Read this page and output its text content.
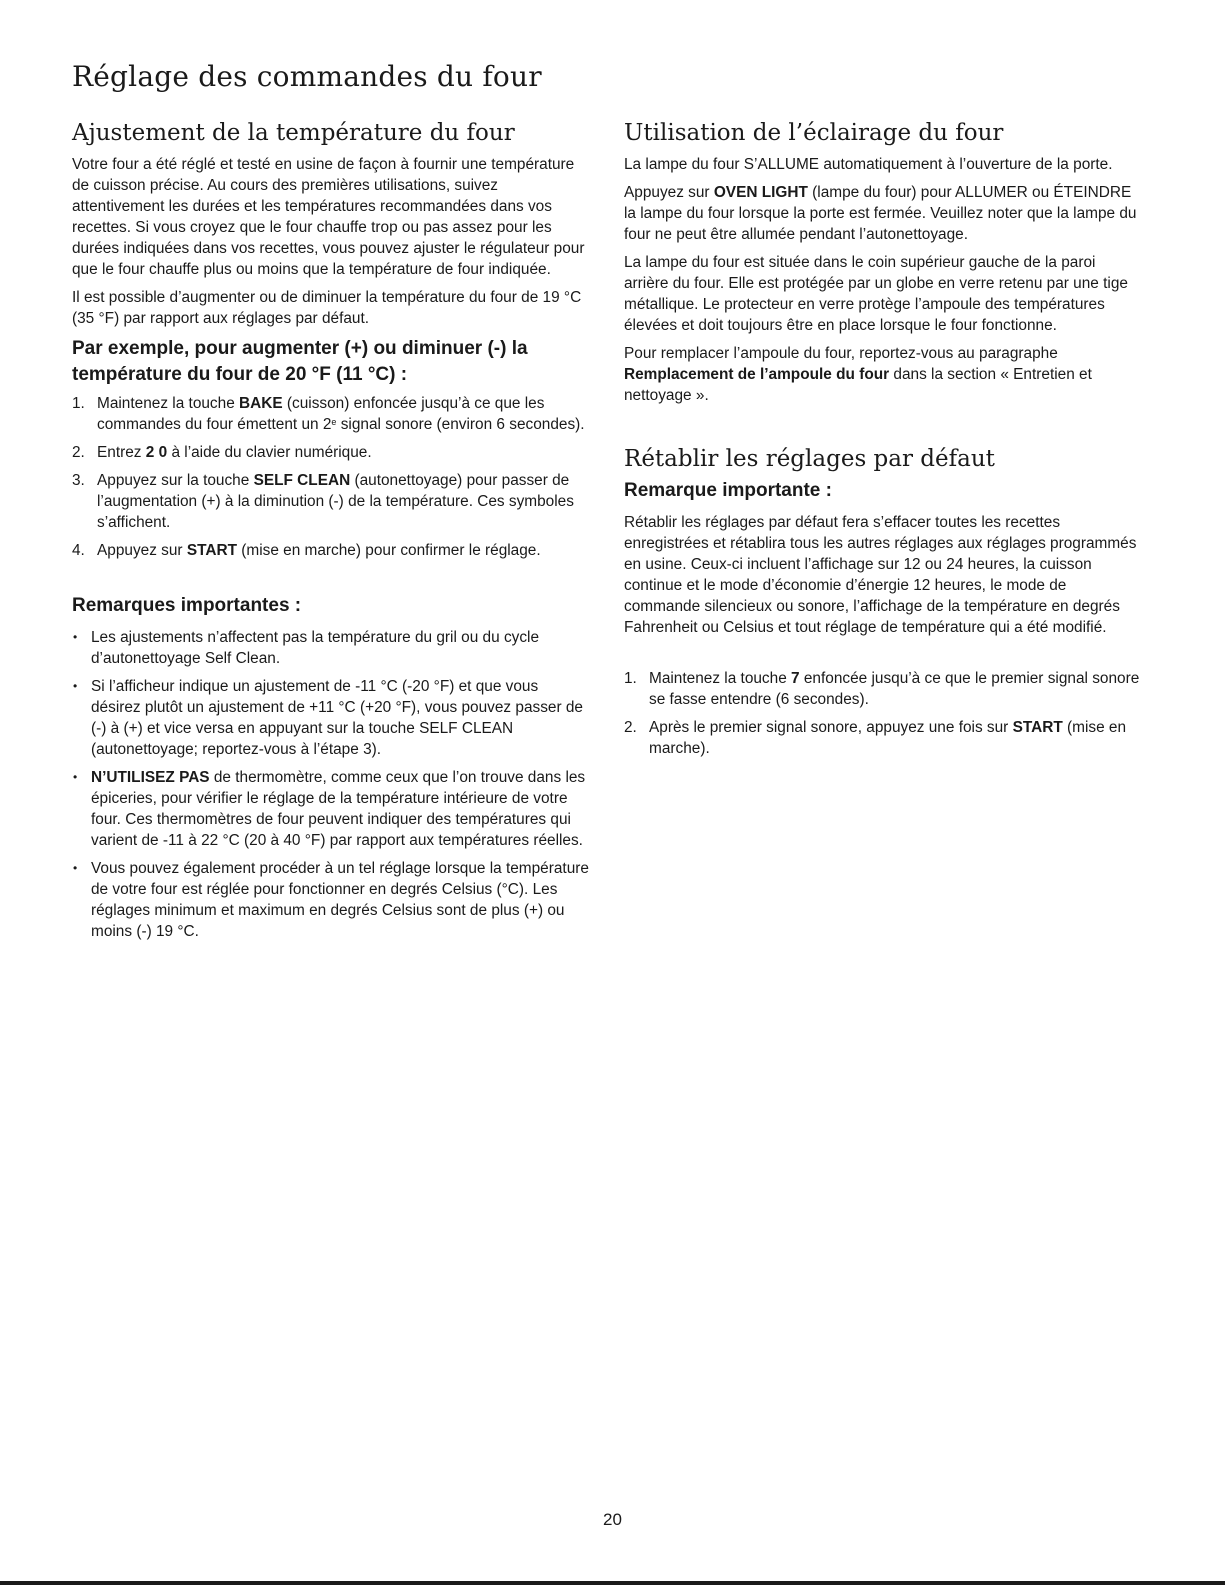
Réglage des commandes du four
Ajustement de la température du four

Votre four a été réglé et testé en usine de façon à fournir une température de cuisson précise. Au cours des premières utilisations, suivez attentivement les durées et les températures recommandées dans vos recettes. Si vous croyez que le four chauffe trop ou pas assez pour les durées indiquées dans vos recettes, vous pouvez ajuster le régulateur pour que le four chauffe plus ou moins que la température de four indiquée.

Il est possible d’augmenter ou de diminuer la température du four de 19 °C (35 °F) par rapport aux réglages par défaut.

Par exemple, pour augmenter (+) ou diminuer (-) la température du four de 20 °F (11 °C) :
1. Maintenez la touche BAKE (cuisson) enfoncée jusqu’à ce que les commandes du four émettent un 2e signal sonore (environ 6 secondes).
2. Entrez 2 0 à l’aide du clavier numérique.
3. Appuyez sur la touche SELF CLEAN (autonettoyage) pour passer de l’augmentation (+) à la diminution (-) de la température. Ces symboles s’affichent.
4. Appuyez sur START (mise en marche) pour confirmer le réglage.
Remarques importantes :
• Les ajustements n’affectent pas la température du gril ou du cycle d’autonettoyage Self Clean.
• Si l’afficheur indique un ajustement de -11 °C (-20 °F) et que vous désirez plutôt un ajustement de +11 °C (+20 °F), vous pouvez passer de (-) à (+) et vice versa en appuyant sur la touche SELF CLEAN (autonettoyage; reportez-vous à l’étape 3).
• N’UTILISEZ PAS de thermomètre, comme ceux que l’on trouve dans les épiceries, pour vérifier le réglage de la température intérieure de votre four. Ces thermomètres de four peuvent indiquer des températures qui varient de -11 à 22 °C (20 à 40 °F) par rapport aux températures réelles.
• Vous pouvez également procéder à un tel réglage lorsque la température de votre four est réglée pour fonctionner en degrés Celsius (°C). Les réglages minimum et maximum en degrés Celsius sont de plus (+) ou moins (-) 19 °C.
Utilisation de l’éclairage du four

La lampe du four S’ALLUME automatiquement à l’ouverture de la porte.

Appuyez sur OVEN LIGHT (lampe du four) pour ALLUMER ou ÉTEINDRE la lampe du four lorsque la porte est fermée. Veuillez noter que la lampe du four ne peut être allumée pendant l’autonettoyage.

La lampe du four est située dans le coin supérieur gauche de la paroi arrière du four. Elle est protégée par un globe en verre retenu par une tige métallique. Le protecteur en verre protège l’ampoule des températures élevées et doit toujours être en place lorsque le four fonctionne.

Pour remplacer l’ampoule du four, reportez-vous au paragraphe Remplacement de l’ampoule du four dans la section « Entretien et nettoyage ».

Rétablir les réglages par défaut
Remarque importante :

Rétablir les réglages par défaut fera s’effacer toutes les recettes enregistrées et rétablira tous les autres réglages aux réglages programmés en usine. Ceux-ci incluent l’affichage sur 12 ou 24 heures, la cuisson continue et le mode d’économie d’énergie 12 heures, le mode de commande silencieux ou sonore, l’affichage de la température en degrés Fahrenheit ou Celsius et tout réglage de température qui a été modifié.

1. Maintenez la touche 7 enfoncée jusqu’à ce que le premier signal sonore se fasse entendre (6 secondes).
2. Après le premier signal sonore, appuyez une fois sur START (mise en marche).
20
